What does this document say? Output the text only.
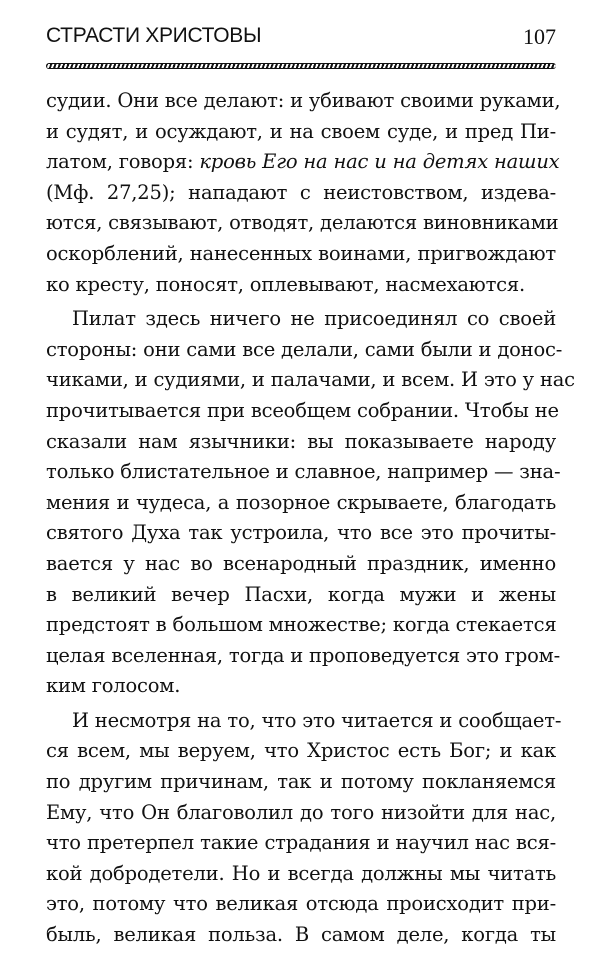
СТРАСТИ ХРИСТОВЫ	107
судии. Они все делают: и убивают своими руками,
и судят, и осуждают, и на своем суде, и пред Пи-
латом, говоря: кровь Его на нас и на детях наших
(Мф. 27,25); нападают с неистовством, издева-
ются, связывают, отводят, делаются виновниками
оскорблений, нанесенных воинами, пригвождают
ко кресту, поносят, оплевывают, насмехаются.
Пилат здесь ничего не присоединял со своей
стороны: они сами все делали, сами были и донос-
чиками, и судиями, и палачами, и всем. И это у нас
прочитывается при всеобщем собрании. Чтобы не
сказали нам язычники: вы показываете народу
только блистательное и славное, например — зна-
мения и чудеса, а позорное скрываете, благодать
святого Духа так устроила, что все это прочиты-
вается у нас во всенародный праздник, именно
в великий вечер Пасхи, когда мужи и жены
предстоят в большом множестве; когда стекается
целая вселенная, тогда и проповедуется это гром-
ким голосом.
И несмотря на то, что это читается и сообщает-
ся всем, мы веруем, что Христос есть Бог; и как
по другим причинам, так и потому покланяемся
Ему, что Он благоволил до того низойти для нас,
что претерпел такие страдания и научил нас вся-
кой добродетели. Но и всегда должны мы читать
это, потому что великая отсюда происходит при-
быль, великая польза. В самом деле, когда ты
